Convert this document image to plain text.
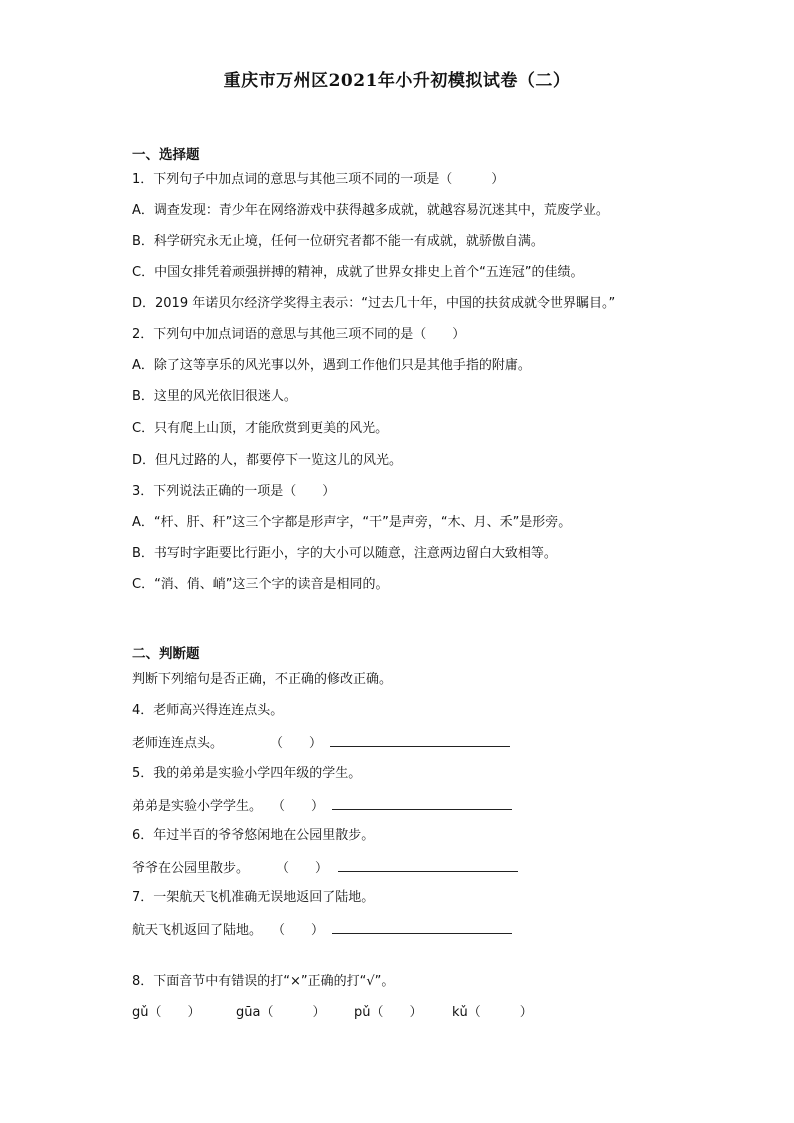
重庆市万州区2021年小升初模拟试卷（二）
一、选择题
1．下列句子中加点词的意思与其他三项不同的一项是（　　　）
A．调查发现：青少年在网络游戏中获得越多成就，就越容易沉迷其中，荒废学业。
B．科学研究永无止境，任何一位研究者都不能一有成就，就骄傲自满。
C．中国女排凭着顽强拼搏的精神，成就了世界女排史上首个“五连冠”的佳绩。
D．2019 年诺贝尔经济学奖得主表示：“过去几十年，中国的扶贫成就令世界瞩目。”
2．下列句中加点词语的意思与其他三项不同的是（　　）
A．除了这等享乐的风光事以外，遇到工作他们只是其他手指的附庸。
B．这里的风光依旧很迷人。
C．只有爬上山顶，才能欣赏到更美的风光。
D．但凡过路的人，都要停下一览这儿的风光。
3．下列说法正确的一项是（　　）
A．“杆、肝、秆”这三个字都是形声字，“干”是声旁，“木、月、禾”是形旁。
B．书写时字距要比行距小，字的大小可以随意，注意两边留白大致相等。
C．“消、俏、峭”这三个字的读音是相同的。
二、判断题
判断下列缩句是否正确，不正确的修改正确。
4．老师高兴得连连点头。
老师连连点头。	（　　）
5．我的弟弟是实验小学四年级的学生。
弟弟是实验小学学生。 （　　）
6．年过半百的爷爷悠闲地在公园里散步。
爷爷在公园里散步。 （　　）
7．一架航天飞机准确无误地返回了陆地。
航天飞机返回了陆地。 （　　）
8．下面音节中有错误的打“×”正确的打“√”。
gǔ（　　）	gūa（　　　） pǔ（　　） kǔ（　　　）
